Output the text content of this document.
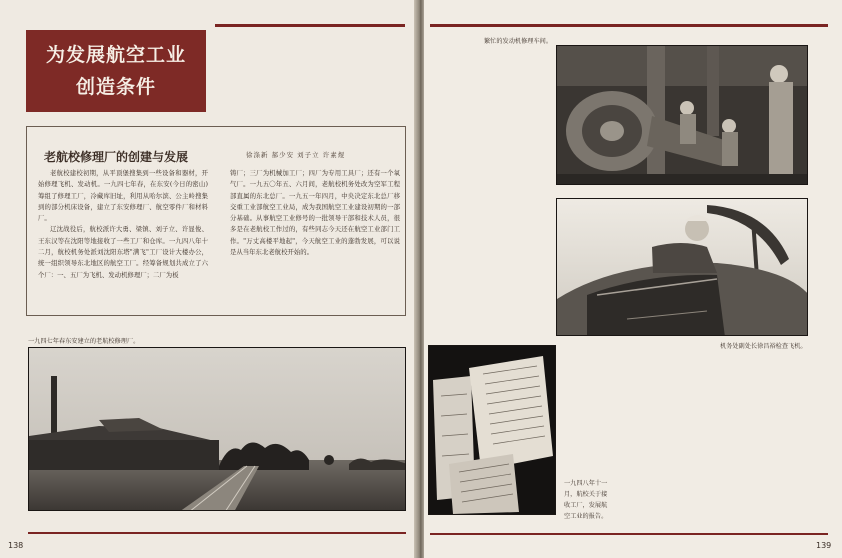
为发展航空工业
创造条件
老航校修理厂的创建与发展	徐涤新 郝少安 刘子立 许素煜

老航校建校初期，从平顶堡搜集到一些设备和器材，开始修理飞机、发动机。一九四七年春，在东安(今日的密山)筹组了修理工厂，冷藏库旧址，利用从哈尔滨、公主岭搜集到的部分机床设备，建立了东安修理厂、航空零件厂和材料厂。

辽沈战役后，航校派许大勇、梁镇、刘子立、许显俊、王东汉等在沈阳等地接收了一些工厂和仓库。一九四八年十二月，航校机务处派刘沈阳东塔"满飞"工厂设计大楼办公，统一组织领导东北地区的航空工厂。经筹备规划共成立了六个厂：一、五厂为飞机、发动机修理厂；二厂为板

铸厂；三厂为机械加工厂；四厂为专用工具厂；还有一个氧气厂。一九五〇年五、六月间，老航校机务处改为空军工程部直属的东北总厂。一九五一年四月，中央决定东北总厂移交重工业部航空工业局，成为我国航空工业建设初期的一部分基础。从事航空工业修号的一批领导干部和技术人员，很多是在老航校工作过的，有些同志今天还在航空工业部门工作。"万丈高楼平地起"，今天航空工业的蓬勃发展，可以说是从当年东北老航校开始的。

一九四七年春东安建立的老航校修理厂。
138
繁忙的发动机修理车间。
机务处副处长徐昌裕检查飞机。
一九四八年十一月，航校关于接收工厂，发展航空工业的报告。
139
